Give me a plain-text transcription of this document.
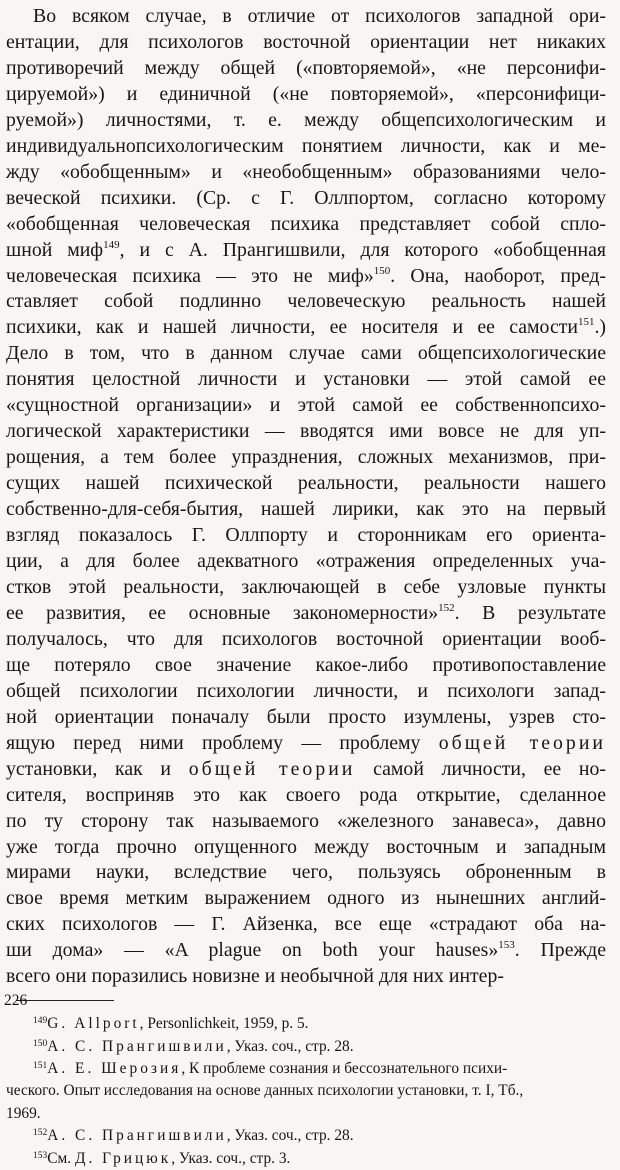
Во всяком случае, в отличие от психологов западной ори-
ентации, для психологов восточной ориентации нет никаких
противоречий между общей («повторяемой», «не персонифи-
цируемой») и единичной («не повторяемой», «персонифици-
руемой») личностями, т. е. между общепсихологическим и
индивидуальнопсихологическим понятием личности, как и ме-
жду «обобщенным» и «необобщенным» образованиями чело-
веческой психики. (Ср. с Г. Оллпортом, согласно которому
«обобщенная человеческая психика представляет собой спло-
шной миф$^{149}$, и с А. Прангишвили, для которого «обобщенная
человеческая психика — это не миф»$^{150}$. Она, наоборот, пред-
ставляет собой подлинно человеческую реальность нашей
психики, как и нашей личности, ее носителя и ее самости$^{151}$.)
Дело в том, что в данном случае сами общепсихологические
понятия целостной личности и установки — этой самой ее
«сущностной организации» и этой самой ее собственнопсихо-
логической характеристики — вводятся ими вовсе не для уп-
рощения, а тем более упразднения, сложных механизмов, при-
сущих нашей психической реальности, реальности нашего
собственно-для-себя-бытия, нашей лирики, как это на первый
взгляд показалось Г. Оллпорту и сторонникам его ориента-
ции, а для более адекватного «отражения определенных уча-
стков этой реальности, заключающей в себе узловые пункты
ее развития, ее основные закономерности»$^{152}$. В результате
получалось, что для психологов восточной ориентации вооб-
ще потеряло свое значение какое-либо противопоставление
общей психологии психологии личности, и психологи запад-
ной ориентации поначалу были просто изумлены, узрев сто-
ящую перед ними проблему — проблему общей теории
установки, как и общей теории самой личности, ее но-
сителя, восприняв это как своего рода открытие, сделанное
по ту сторону так называемого «железного занавеса», давно
уже тогда прочно опущенного между восточным и западным
мирами науки, вследствие чего, пользуясь оброненным в
свое время метким выражением одного из нынешних англий-
ских психологов — Г. Айзенка, все еще «страдают оба на-
ши дома» — «A plague on both your hauses»$^{153}$. Прежде
всего они поразились новизне и необычной для них интер-
$^{149}$G. Allport, Personlichkeit, 1959, p. 5.
$^{150}$А. С. Прангишвили, Указ. соч., стр. 28.
$^{151}$А. Е. Шерозия, К проблеме сознания и бессознательного психи-
ческого. Опыт исследования на основе данных психологии установки, т. I, Тб.,
1969.
$^{152}$А. С. Прангишвили, Указ. соч., стр. 28.
$^{153}$См. Д. Грицюк, Указ. соч., стр. 3.
226
